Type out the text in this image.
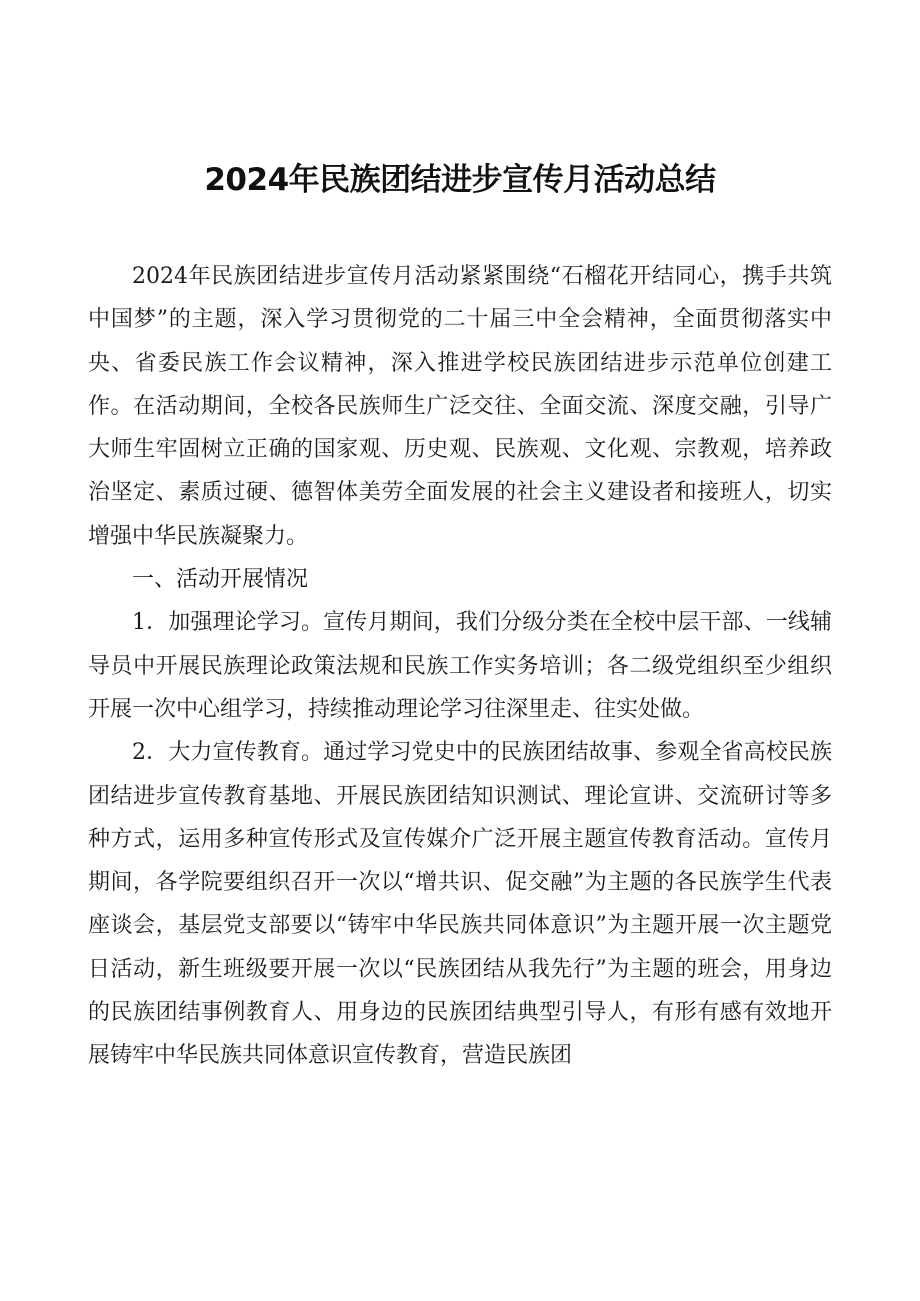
2024年民族团结进步宣传月活动总结

2024年民族团结进步宣传月活动紧紧围绕“石榴花开结同心，携手共筑中国梦”的主题，深入学习贯彻党的二十届三中全会精神，全面贯彻落实中央、省委民族工作会议精神，深入推进学校民族团结进步示范单位创建工作。在活动期间，全校各民族师生广泛交往、全面交流、深度交融，引导广大师生牢固树立正确的国家观、历史观、民族观、文化观、宗教观，培养政治坚定、素质过硬、德智体美劳全面发展的社会主义建设者和接班人，切实增强中华民族凝聚力。

一、活动开展情况

1．加强理论学习。宣传月期间，我们分级分类在全校中层干部、一线辅导员中开展民族理论政策法规和民族工作实务培训；各二级党组织至少组织开展一次中心组学习，持续推动理论学习往深里走、往实处做。

2．大力宣传教育。通过学习党史中的民族团结故事、参观全省高校民族团结进步宣传教育基地、开展民族团结知识测试、理论宣讲、交流研讨等多种方式，运用多种宣传形式及宣传媒介广泛开展主题宣传教育活动。宣传月期间，各学院要组织召开一次以“增共识、促交融”为主题的各民族学生代表座谈会，基层党支部要以“铸牢中华民族共同体意识”为主题开展一次主题党日活动，新生班级要开展一次以“民族团结从我先行”为主题的班会，用身边的民族团结事例教育人、用身边的民族团结典型引导人，有形有感有效地开展铸牢中华民族共同体意识宣传教育，营造民族团
